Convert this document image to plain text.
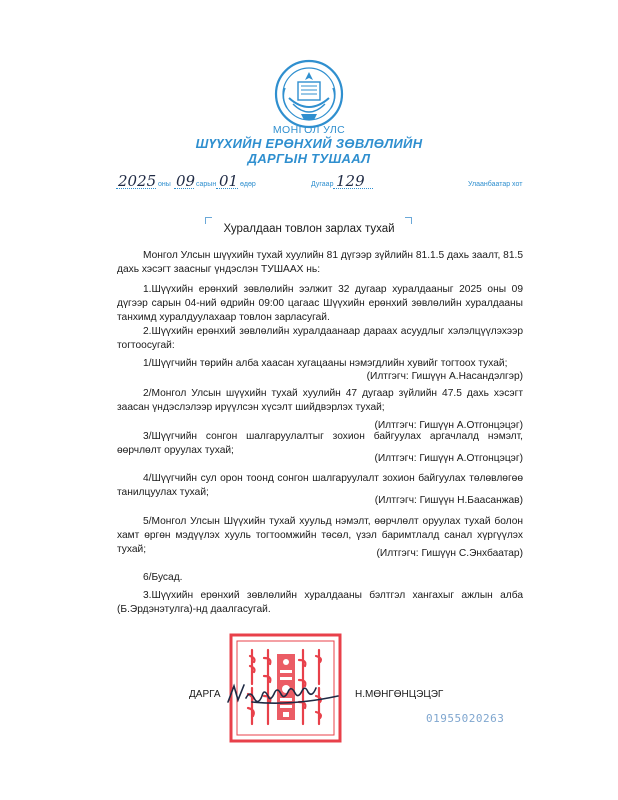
МОНГОЛ УЛС
ШҮҮХИЙН ЕРӨНХИЙ ЗӨВЛӨЛИЙН
ДАРГЫН ТУШААЛ
2025 оны 09 сарын 01 өдөр	Дугаар 129	Улаанбаатар хот
Хуралдаан товлон зарлах тухай
Монгол Улсын шүүхийн тухай хуулийн 81 дүгээр зүйлийн 81.1.5 дахь заалт, 81.5 дахь хэсэгт заасныг үндэслэн ТУШААХ нь:
1.Шүүхийн ерөнхий зөвлөлийн ээлжит 32 дугаар хуралдааныг 2025 оны 09 дүгээр сарын 04-ний өдрийн 09:00 цагаас Шүүхийн ерөнхий зөвлөлийн хуралдааны танхимд хуралдуулахаар товлон зарласугай.
2.Шүүхийн ерөнхий зөвлөлийн хуралдаанаар дараах асуудлыг хэлэлцүүлэхээр тогтоосугай:
1/Шүүгчийн төрийн алба хаасан хугацааны нэмэгдлийн хувийг тогтоох тухай;
(Илтгэгч: Гишүүн А.Насандэлгэр)
2/Монгол Улсын шүүхийн тухай хуулийн 47 дугаар зүйлийн 47.5 дахь хэсэгт заасан үндэслэлээр ирүүлсэн хүсэлт шийдвэрлэх тухай;
(Илтгэгч: Гишүүн А.Отгонцэцэг)
3/Шүүгчийн сонгон шалгаруулалтыг зохион байгуулах аргачлалд нэмэлт, өөрчлөлт оруулах тухай;
(Илтгэгч: Гишүүн А.Отгонцэцэг)
4/Шүүгчийн сул орон тоонд сонгон шалгаруулалт зохион байгуулах төлөвлөгөө танилцуулах тухай;
(Илтгэгч: Гишүүн Н.Баасанжав)
5/Монгол Улсын Шүүхийн тухай хуульд нэмэлт, өөрчлөлт оруулах тухай болон хамт өргөн мэдүүлэх хууль тогтоомжийн төсөл, үзэл баримтлалд санал хүргүүлэх тухай;	(Илтгэгч: Гишүүн С.Энхбаатар)
6/Бусад.
3.Шүүхийн ерөнхий зөвлөлийн хуралдааны бэлтгэл хангахыг ажлын алба (Б.Эрдэнэтулга)-нд даалгасугай.
ДАРГА	Н.МӨНГӨНЦЭЦЭГ
01955020263
